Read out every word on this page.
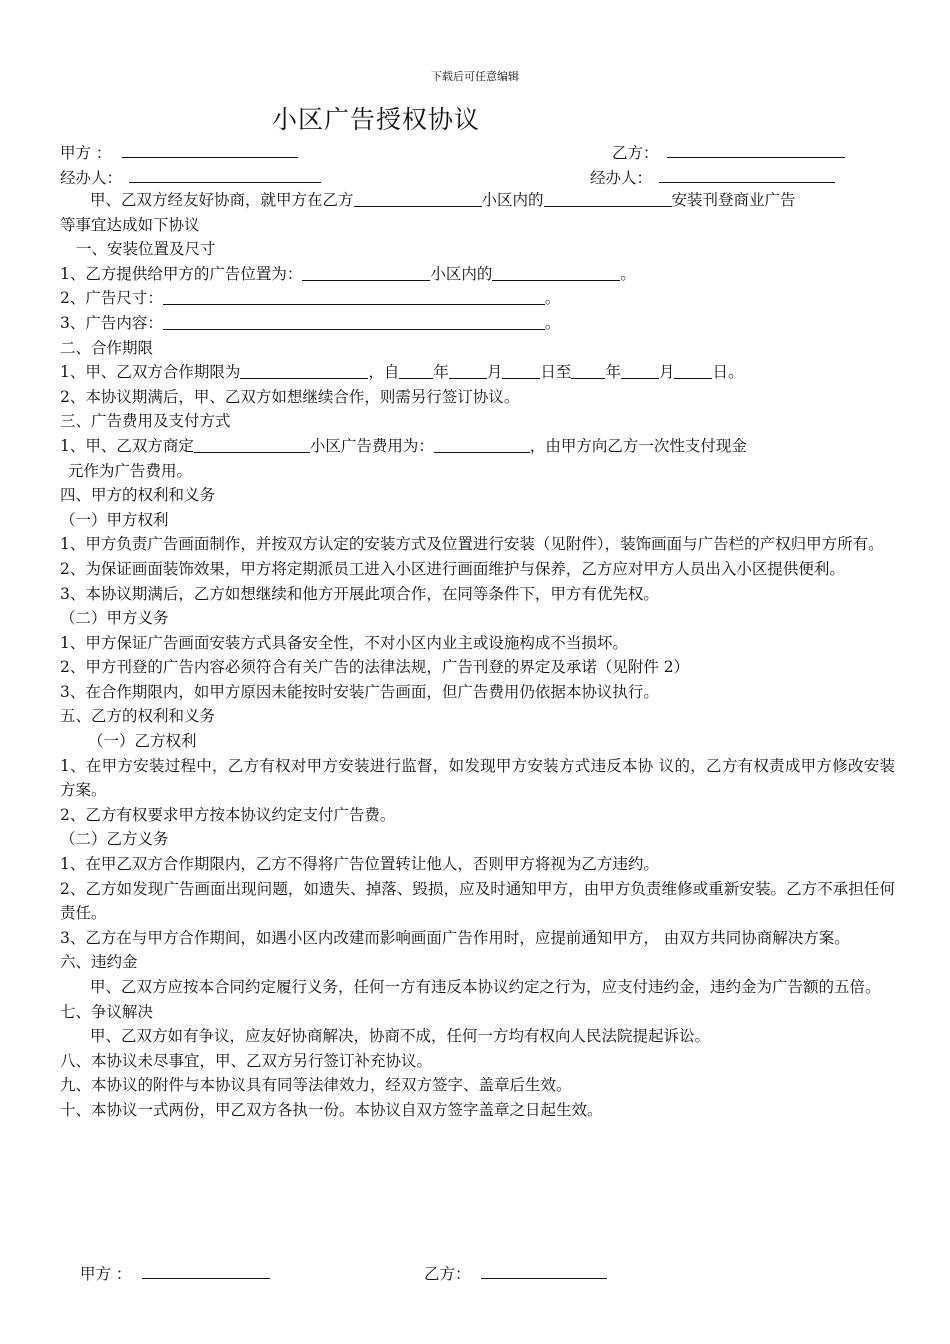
下载后可任意编辑
小区广告授权协议
甲方 ：	乙方：
经办人：	经办人：

甲、乙双方经友好协商，就甲方在乙方	小区内的	安装刊登商业广告

等事宜达成如下协议

一、安装位置及尺寸

1、乙方提供给甲方的广告位置为：	小区内的	。

2、广告尺寸：	。

3、广告内容：	。

二、合作期限

1、甲、乙双方合作期限为	，自 年 月 日至 年 月 日。

2、本协议期满后，甲、乙双方如想继续合作，则需另行签订协议。

三、广告费用及支付方式

1、甲、乙双方商定	小区广告费用为：	，由甲方向乙方一次性支付现金

元作为广告费用。

四、甲方的权利和义务

（一）甲方权利

1、甲方负责广告画面制作，并按双方认定的安装方式及位置进行安装（见附件），装饰画面与广告栏的产权归甲方所有。

2、为保证画面装饰效果，甲方将定期派员工进入小区进行画面维护与保养，乙方应对甲方人员出入小区提供便利。

3、本协议期满后，乙方如想继续和他方开展此项合作，在同等条件下，甲方有优先权。

（二）甲方义务

1、甲方保证广告画面安装方式具备安全性，不对小区内业主或设施构成不当损坏。

2、甲方刊登的广告内容必须符合有关广告的法律法规，广告刊登的界定及承诺（见附件 2）

3、在合作期限内，如甲方原因未能按时安装广告画面，但广告费用仍依据本协议执行。

五、乙方的权利和义务

（一）乙方权利

1、在甲方安装过程中，乙方有权对甲方安装进行监督，如发现甲方安装方式违反本协 议的，乙方有权责成甲方修改安装方案。

2、乙方有权要求甲方按本协议约定支付广告费。

（二）乙方义务

1、在甲乙双方合作期限内，乙方不得将广告位置转让他人，否则甲方将视为乙方违约。

2、乙方如发现广告画面出现问题，如遗失、掉落、毁损，应及时通知甲方，由甲方负责维修或重新安装。乙方不承担任何责任。

3、乙方在与甲方合作期间，如遇小区内改建而影响画面广告作用时，应提前通知甲方， 由双方共同协商解决方案。

六、违约金

甲、乙双方应按本合同约定履行义务，任何一方有违反本协议约定之行为，应支付违约金，违约金为广告额的五倍。

七、争议解决

甲、乙双方如有争议，应友好协商解决，协商不成，任何一方均有权向人民法院提起诉讼。

八、本协议未尽事宜，甲、乙双方另行签订补充协议。

九、本协议的附件与本协议具有同等法律效力，经双方签字、盖章后生效。

十、本协议一式两份，甲乙双方各执一份。本协议自双方签字盖章之日起生效。

甲方 ：	乙方：
